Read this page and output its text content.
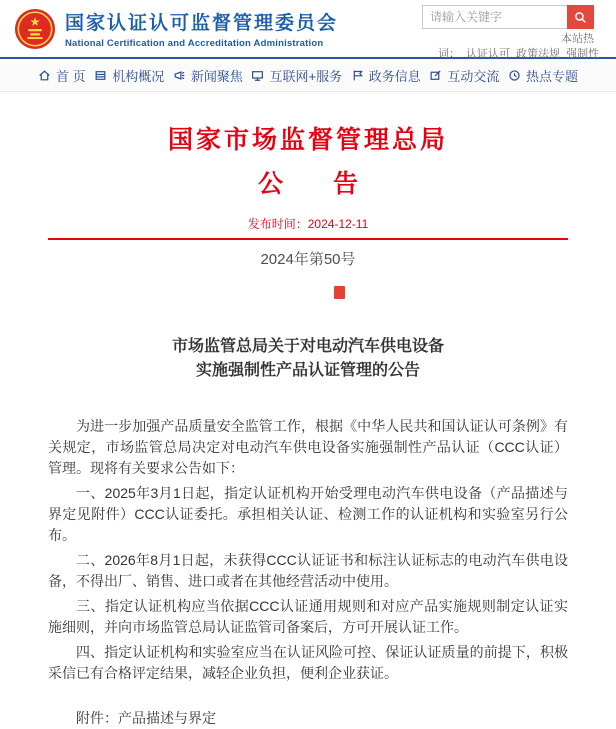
★ 国家认证认可监督管理委员会
National Certification and Accreditation Administration
请输入关键字	本站热
词： 认证认可 政策法规 强制性
首 页 机构概况 新闻聚焦 互联网+服务 政务信息 互动交流 热点专题
国家市场监督管理总局
公　　告
发布时间：2024-12-11
2024年第50号
市场监管总局关于对电动汽车供电设备
实施强制性产品认证管理的公告

为进一步加强产品质量安全监管工作，根据《中华人民共和国认证认可条例》有关规定，市场监管总局决定对电动汽车供电设备实施强制性产品认证（CCC认证）管理。现将有关要求公告如下：

一、2025年3月1日起，指定认证机构开始受理电动汽车供电设备（产品描述与界定见附件）CCC认证委托。承担相关认证、检测工作的认证机构和实验室另行公布。

二、2026年8月1日起，未获得CCC认证证书和标注认证标志的电动汽车供电设备，不得出厂、销售、进口或者在其他经营活动中使用。

三、指定认证机构应当依据CCC认证通用规则和对应产品实施规则制定认证实施细则，并向市场监管总局认证监管司备案后，方可开展认证工作。

四、指定认证机构和实验室应当在认证风险可控、保证认证质量的前提下，积极采信已有合格评定结果，减轻企业负担，便利企业获证。

附件：产品描述与界定
